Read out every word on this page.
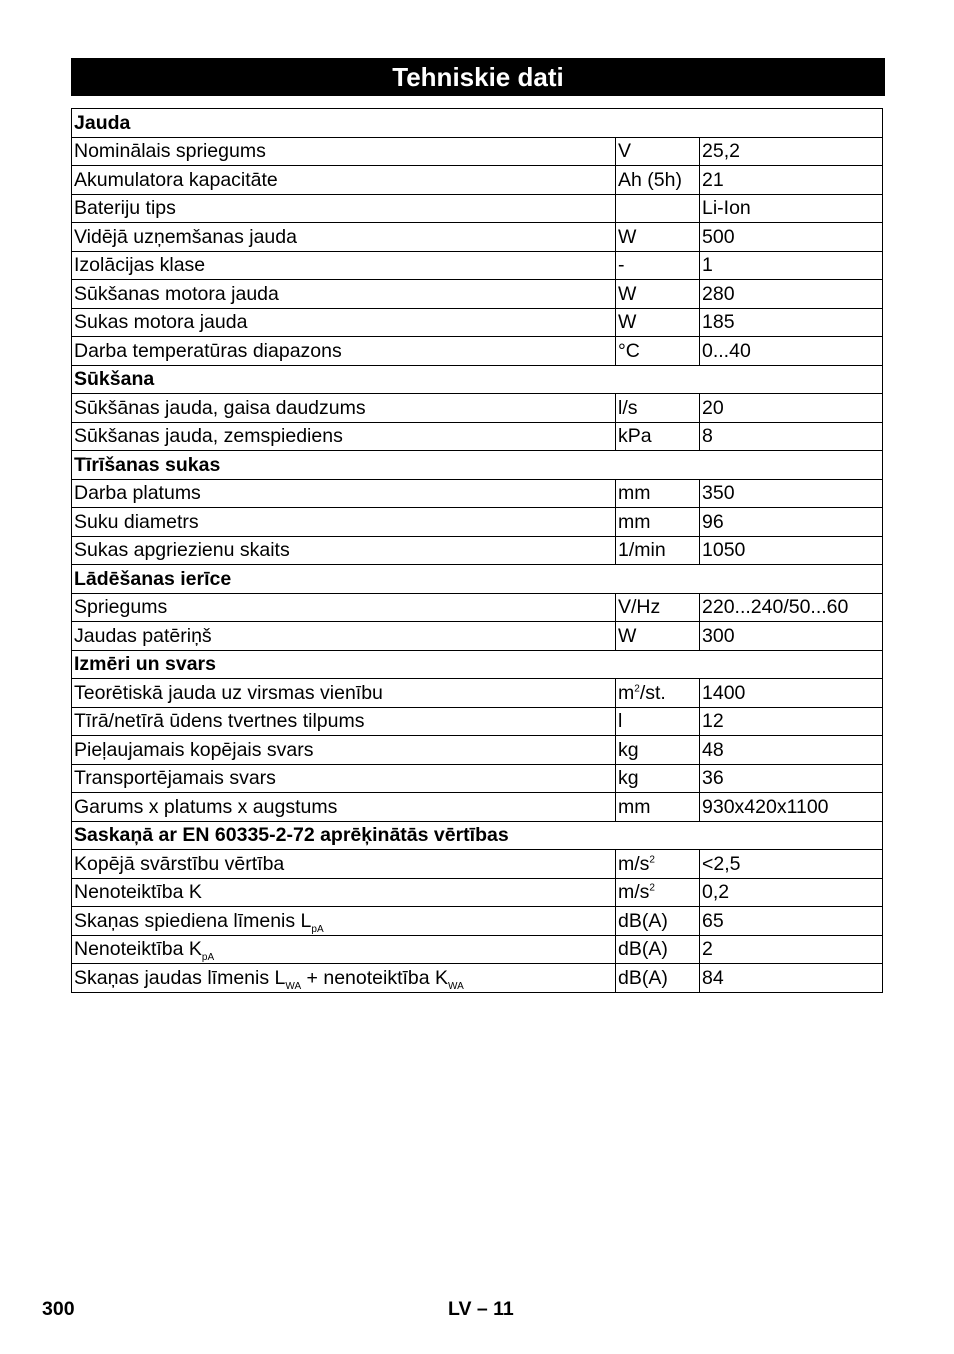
Tehniskie dati
Jauda		
Nominālais spriegums	V	25,2
Akumulatora kapacitāte	Ah (5h)	21
Bateriju tips		Li-Ion
Vidējā uzņemšanas jauda	W	500
Izolācijas klase	-	1
Sūkšanas motora jauda	W	280
Sukas motora jauda	W	185
Darba temperatūras diapazons	°C	0...40
Sūkšana		
Sūkšānas jauda, gaisa daudzums	l/s	20
Sūkšanas jauda, zemspiediens	kPa	8
Tīrīšanas sukas		
Darba platums	mm	350
Suku diametrs	mm	96
Sukas apgriezienu skaits	1/min	1050
Lādēšanas ierīce		
Spriegums	V/Hz	220...240/50...60
Jaudas patēriņš	W	300
Izmēri un svars		
Teorētiskā jauda uz virsmas vienību	$m^2/st$.	1400
Tīrā/netīrā ūdens tvertnes tilpums	l	12
Pieļaujamais kopējais svars	kg	48
Transportējamais svars	kg	36
Garums x platums x augstums	mm	930x420x1100
Saskaņā ar EN 60335-2-72 aprēķinātās vērtības		
Kopējā svārstību vērtība	$m/s^2$	<2,5
Nenoteiktība K	$m/s^2$	0,2
Skaņas spiediena līmenis $L_{pA}$	dB(A)	65
Nenoteiktība $K_{pA}$	dB(A)	2
Skaņas jaudas līmenis $L_{WA}$ + nenoteiktība $K_{WA}$	dB(A)	84
300	LV – 11
